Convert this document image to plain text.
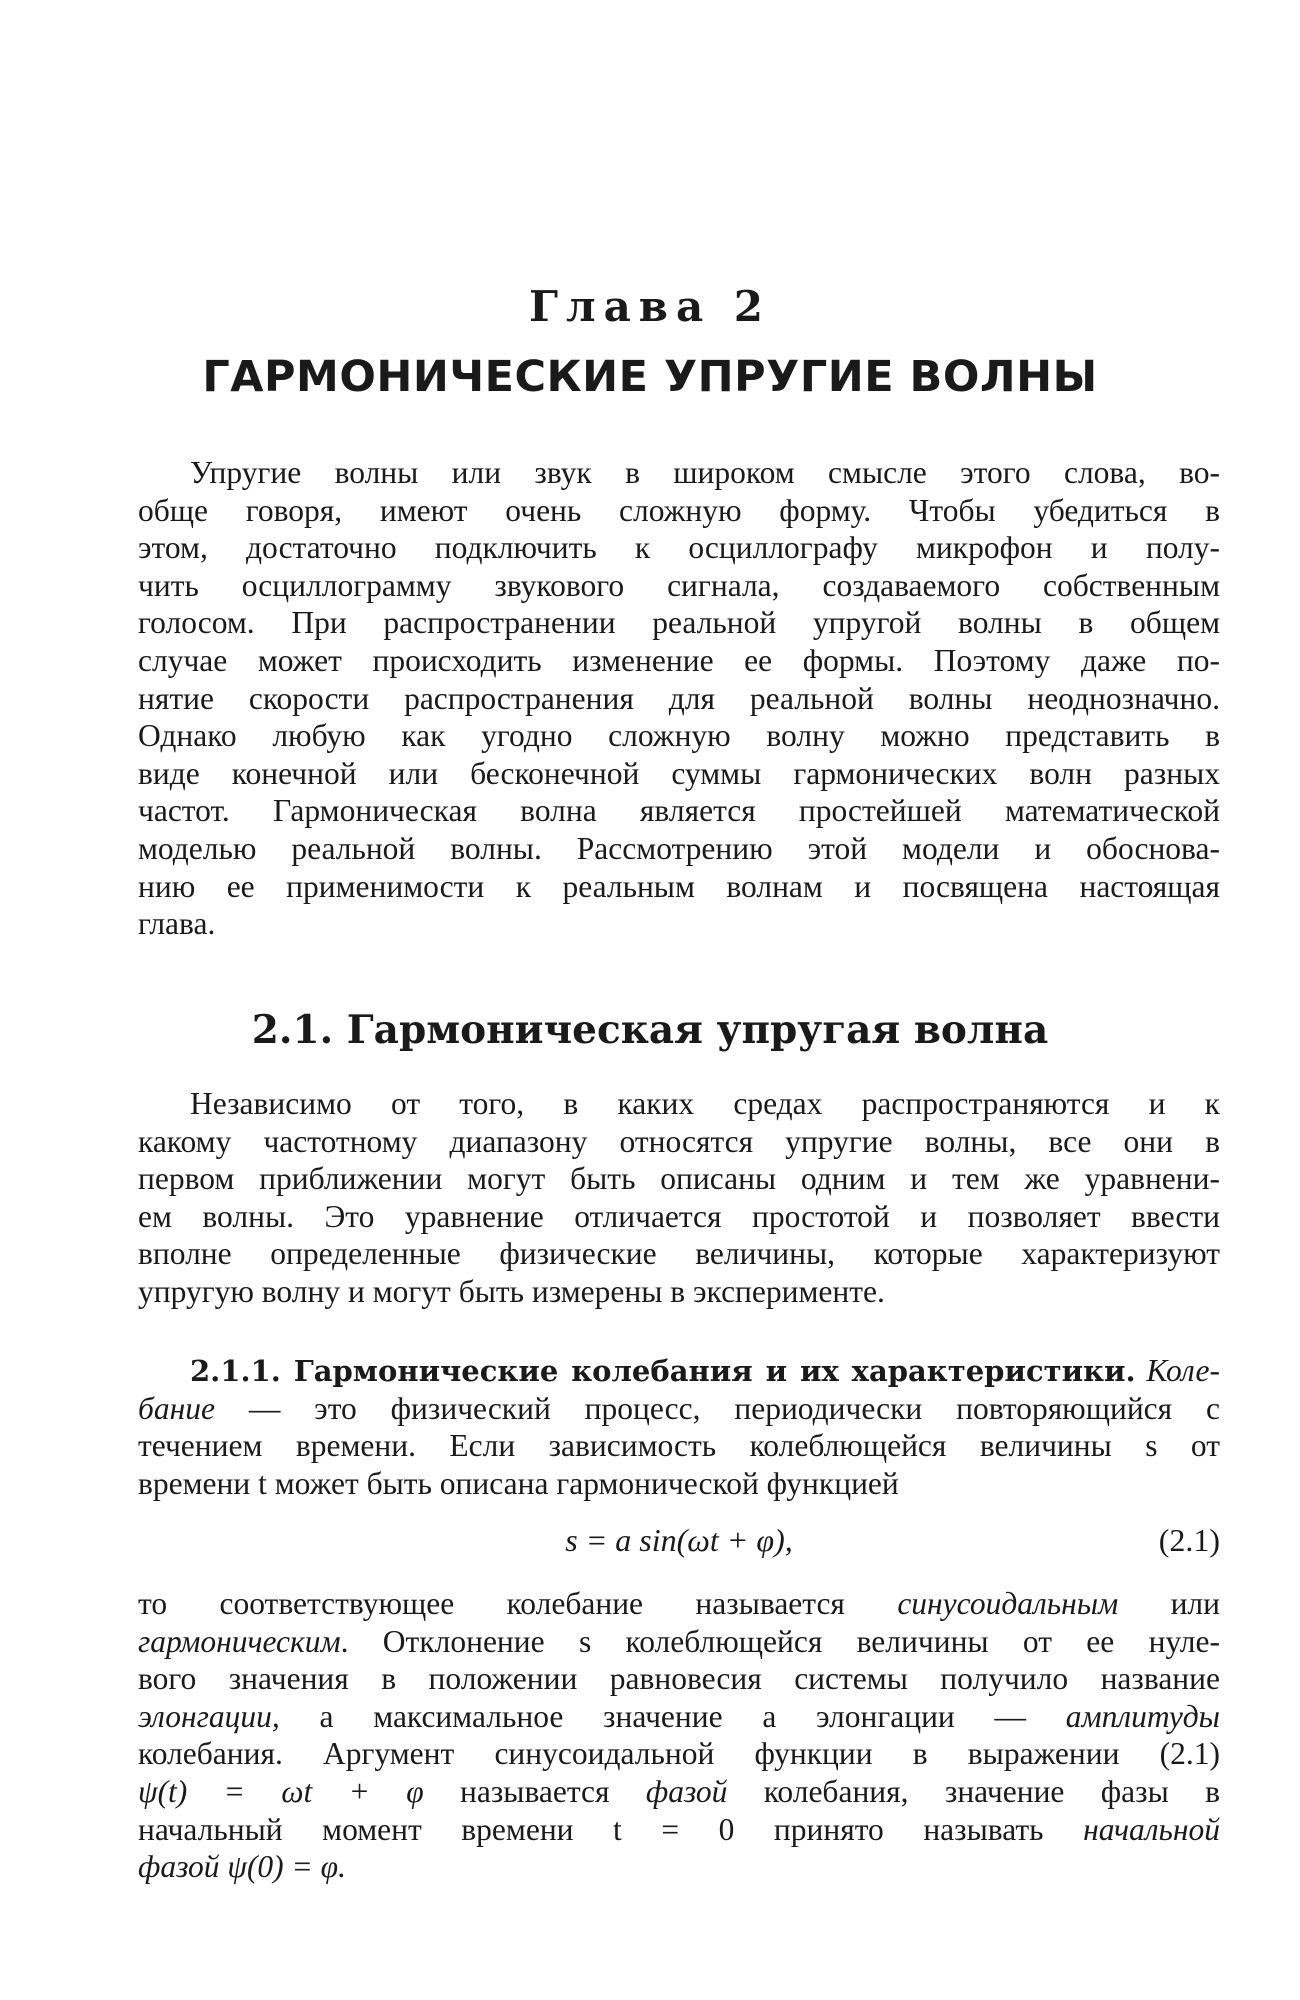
Глава 2
ГАРМОНИЧЕСКИЕ УПРУГИЕ ВОЛНЫ
Упругие волны или звук в широком смысле этого слова, во-
обще говоря, имеют очень сложную форму. Чтобы убедиться в
этом, достаточно подключить к осциллографу микрофон и полу-
чить осциллограмму звукового сигнала, создаваемого собственным
голосом. При распространении реальной упругой волны в общем
случае может происходить изменение ее формы. Поэтому даже по-
нятие скорости распространения для реальной волны неоднозначно.
Однако любую как угодно сложную волну можно представить в
виде конечной или бесконечной суммы гармонических волн разных
частот. Гармоническая волна является простейшей математической
моделью реальной волны. Рассмотрению этой модели и обоснова-
нию ее применимости к реальным волнам и посвящена настоящая
глава.
2.1. Гармоническая упругая волна
Независимо от того, в каких средах распространяются и к
какому частотному диапазону относятся упругие волны, все они в
первом приближении могут быть описаны одним и тем же уравнени-
ем волны. Это уравнение отличается простотой и позволяет ввести
вполне определенные физические величины, которые характеризуют
упругую волну и могут быть измерены в эксперименте.
2.1.1. Гармонические колебания и их характеристики. Коле-
бание — это физический процесс, периодически повторяющийся с
течением времени. Если зависимость колеблющейся величины s от
времени t может быть описана гармонической функцией
s = a sin(ωt + φ),	(2.1)
то соответствующее колебание называется синусоидальным или
гармоническим. Отклонение s колеблющейся величины от ее нуле-
вого значения в положении равновесия системы получило название
элонгации, а максимальное значение a элонгации — амплитуды
колебания. Аргумент синусоидальной функции в выражении (2.1)
ψ(t) = ωt + φ называется фазой колебания, значение фазы в
начальный момент времени t = 0 принято называть начальной
фазой ψ(0) = φ.
